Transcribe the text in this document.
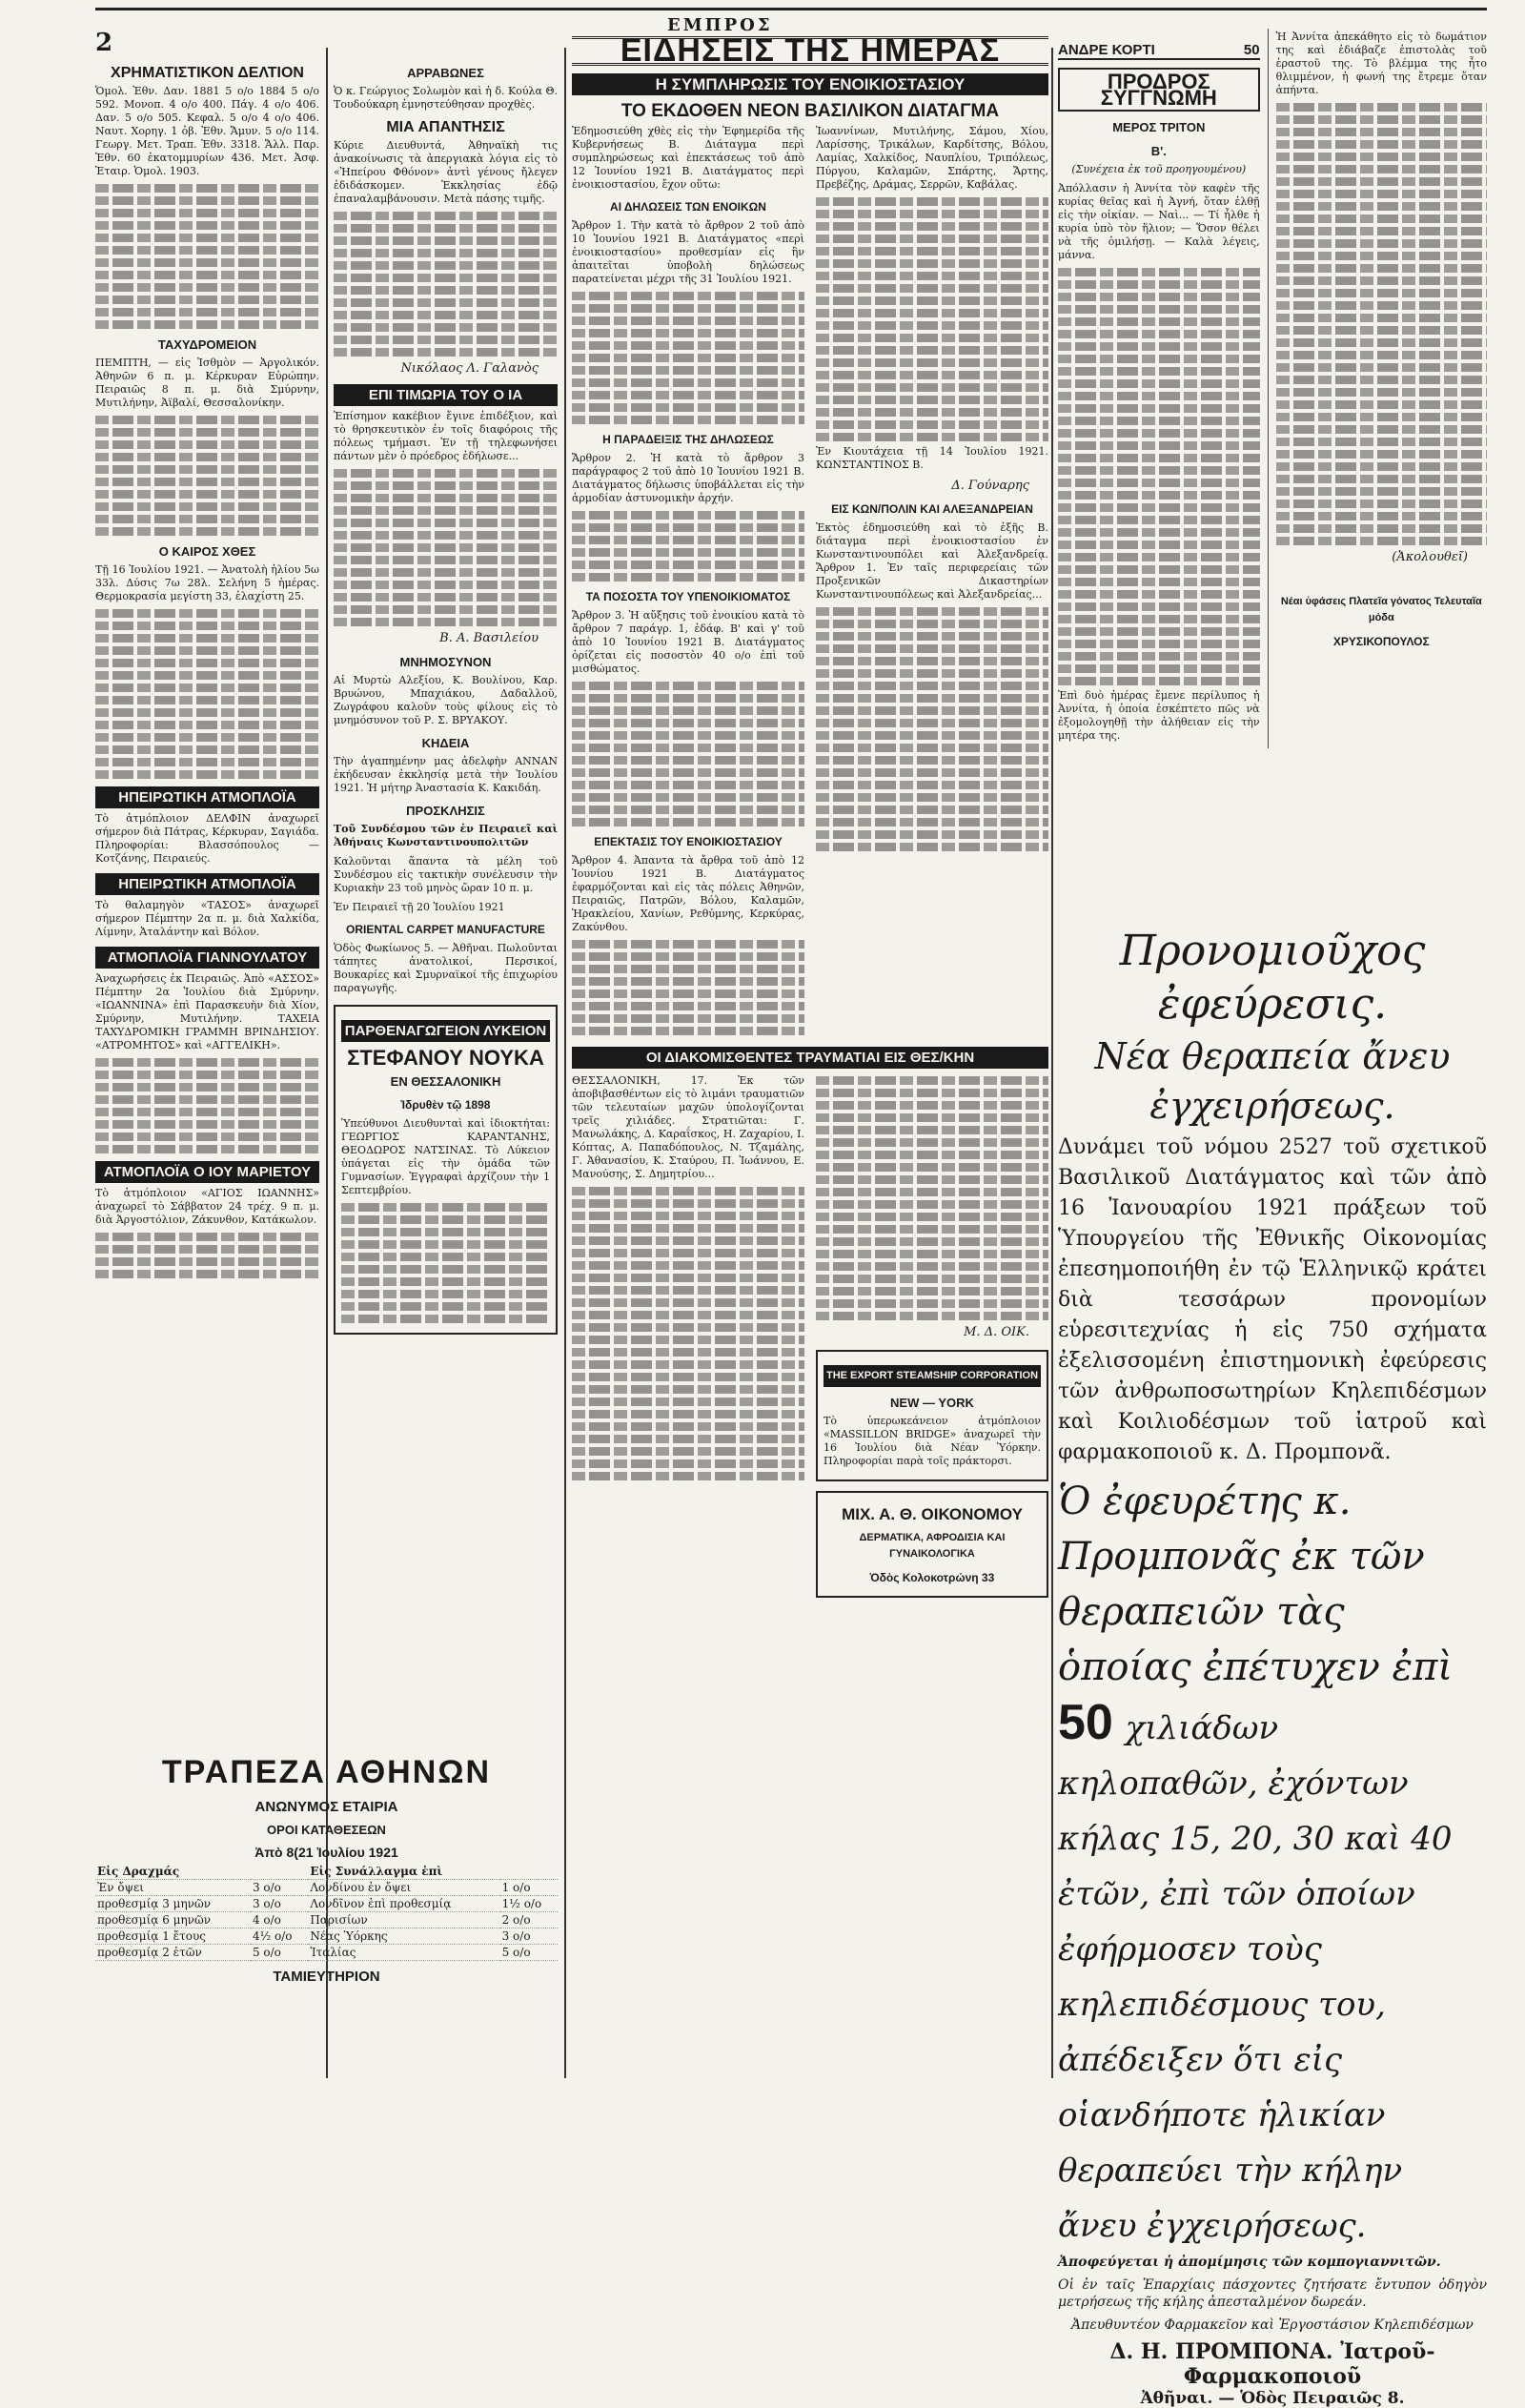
2
ΕΜΠΡΟΣ
ΧΡΗΜΑΤΙΣΤΙΚΟΝ ΔΕΛΤΙΟΝ

Ὁμολ. Ἐθν. Δαν. 1881 5 ο/ο 1884 5 ο/ο 592. Μονοπ. 4 ο/ο 400. Πάγ. 4 ο/ο 406. Δαν. 5 ο/ο 505. Κεφαλ. 5 ο/ο 4 ο/ο 406. Ναυτ. Χορηγ. 1 ὀβ. Ἐθν. Ἄμυν. 5 ο/ο 114. Γεωργ. Μετ. Τραπ. Ἐθν. 3318. Ἄλλ. Παρ. Ἐθν. 60 ἐκατομμυρίων 436. Μετ. Ἀσφ. Ἐταιρ. Ὁμολ. 1903.

ΤΑΧΥΔΡΟΜΕΙΟΝ

ΠΕΜΠΤΗ, — εἰς Ἰσθμὸν — Ἀργολικόν. Ἀθηνῶν 6 π. μ. Κέρκυραν Εὐρώπην. Πειραιῶς 8 π. μ. διὰ Σμύρνην, Μυτιλήνην, Ἀϊβαλί, Θεσσαλονίκην.

Ο ΚΑΙΡΟΣ ΧΘΕΣ

Τῇ 16 Ἰουλίου 1921. — Ἀνατολὴ ἡλίου 5ω 33λ. Δύσις 7ω 28λ. Σελήνη 5 ἡμέρας. Θερμοκρασία μεγίστη 33, ἐλαχίστη 25.

ΗΠΕΙΡΩΤΙΚΗ ΑΤΜΟΠΛΟΪΑ

Τὸ ἀτμόπλοιον ΔΕΛΦΙΝ ἀναχωρεῖ σήμερον διὰ Πάτρας, Κέρκυραν, Σαγιάδα. Πληροφορίαι: Βλασσόπουλος — Κοτζάνης, Πειραιεύς.

ΗΠΕΙΡΩΤΙΚΗ ΑΤΜΟΠΛΟΪΑ

Τὸ θαλαμηγὸν «ΤΑΣΟΣ» ἀναχωρεῖ σήμερον Πέμπτην 2α π. μ. διὰ Χαλκίδα, Λίμνην, Ἀταλάντην καὶ Βόλον.

ΑΤΜΟΠΛΟΪΑ ΓΙΑΝΝΟΥΛΑΤΟΥ

Ἀναχωρήσεις ἐκ Πειραιῶς. Ἀπὸ «ΑΣΣΟΣ» Πέμπτην 2α Ἰουλίου διὰ Σμύρνην. «ΙΩΑΝΝΙΝΑ» ἐπὶ Παρασκευὴν διὰ Χίον, Σμύρνην, Μυτιλήνην. ΤΑΧΕΙΑ ΤΑΧΥΔΡΟΜΙΚΗ ΓΡΑΜΜΗ ΒΡΙΝΔΗΣΙΟΥ. «ΑΤΡΟΜΗΤΟΣ» καὶ «ΑΓΓΕΛΙΚΗ».

ΑΤΜΟΠΛΟΪΑ Ο ΙΟΥ ΜΑΡΙΕΤΟΥ

Τὸ ἀτμόπλοιον «ΑΓΙΟΣ ΙΩΑΝΝΗΣ» ἀναχωρεῖ τὸ Σάββατον 24 τρέχ. 9 π. μ. διὰ Ἀργοστόλιον, Ζάκυνθον, Κατάκωλον.

ΤΡΑΠΕΖΑ ΑΘΗΝΩΝ
ΑΝΩΝΥΜΟΣ ΕΤΑΙΡΙΑ
ΟΡΟΙ ΚΑΤΑΘΕΣΕΩΝ
Ἀπὸ 8(21 Ἰουλίου 1921
Εἰς Δραχμάς		Εἰς Συνάλλαγμα ἐπὶ	
Ἐν ὄψει	3 ο/ο	Λονδίνου ἐν ὄψει	1 ο/ο
προθεσμίᾳ 3 μηνῶν	3 ο/ο	Λονδῖνον ἐπὶ προθεσμίᾳ	1½ ο/ο
προθεσμίᾳ 6 μηνῶν	4 ο/ο	Παρισίων	2 ο/ο
προθεσμίᾳ 1 ἔτους	4½ ο/ο	Νέας Ὑόρκης	3 ο/ο
προθεσμίᾳ 2 ἐτῶν	5 ο/ο	Ἰταλίας	5 ο/ο
ΤΑΜΙΕΥΤΗΡΙΟΝ
ΑΡΡΑΒΩΝΕΣ

Ὁ κ. Γεώργιος Σολωμὸν καὶ ἡ δ. Κούλα Θ. Τουδούκαρη ἐμνηστεύθησαν προχθὲς.

ΜΙΑ ΑΠΑΝΤΗΣΙΣ

Κύριε Διευθυντά, Ἀθηναϊκὴ τις ἀνακοίνωσις τὰ ἀπεργιακὰ λόγια εἰς τὸ «Ἠπείρου Φθόνον» ἀντὶ γένους ἤλεγεν ἐδιδάσκομεν. Ἐκκλησίας ἐδῷ ἐπαναλαμβάνουσιν. Μετὰ πάσης τιμῆς.

Νικόλαος Λ. Γαλανὸς
ΕΠΙ ΤΙΜΩΡΙΑ ΤΟΥ Ο ΙΑ

Ἐπίσημον κακέβιον ἔγινε ἐπιδέξιον, καὶ τὸ θρησκευτικὸν ἐν τοῖς διαφόροις τῆς πόλεως τμήμασι. Ἐν τῇ τηλεφωνήσει πάντων μὲν ὁ πρόεδρος ἐδήλωσε...

Β. Α. Βασιλείου
ΜΝΗΜΟΣΥΝΟΝ

Αἱ Μυρτὼ Αλεξίου, Κ. Βουλίνου, Καρ. Βρυώνου, Μπαχιάκου, Δαδαλλοῦ, Ζωγράφου καλοῦν τοὺς φίλους εἰς τὸ μνημόσυνον τοῦ Ρ. Σ. ΒΡΥΑΚΟΥ.

ΚΗΔΕΙΑ

Τὴν ἀγαπημένην μας ἀδελφὴν ΑΝΝΑΝ ἐκήδευσαν ἐκκλησίᾳ μετὰ τὴν Ἰουλίου 1921. Ἡ μήτηρ Ἀναστασία Κ. Κακιδάη.

ΠΡΟΣΚΛΗΣΙΣ

Τοῦ Συνδέσμου τῶν ἐν Πειραιεῖ καὶ Ἀθήναις Κωνσταντινουπολιτῶν

Καλοῦνται ἅπαντα τὰ μέλη τοῦ Συνδέσμου εἰς τακτικὴν συνέλευσιν τὴν Κυριακὴν 23 τοῦ μηνὸς ὥραν 10 π. μ.

Ἐν Πειραιεῖ τῇ 20 Ἰουλίου 1921

ORIENTAL CARPET MANUFACTURE

Ὁδὸς Φωκίωνος 5. — Ἀθῆναι. Πωλοῦνται τάπητες ἀνατολικοί, Περσικοί, Βουκαρίες καὶ Σμυρναϊκοί τῆς ἐπιχωρίου παραγωγῆς.

ΠΑΡΘΕΝΑΓΩΓΕΙΟΝ ΛΥΚΕΙΟΝ
ΣΤΕΦΑΝΟΥ ΝΟΥΚΑ
ΕΝ ΘΕΣΣΑΛΟΝΙΚΗ
Ἱδρυθὲν τῷ 1898

Ὑπεύθυνοι Διευθυνταὶ καὶ ἰδιοκτήται: ΓΕΩΡΓΙΟΣ ΚΑΡΑΝΤΑΝΗΣ, ΘΕΟΔΩΡΟΣ ΝΑΤΣΙΝΑΣ. Τὸ Λύκειον ὑπάγεται εἰς τὴν ὁμάδα τῶν Γυμνασίων. Ἐγγραφαὶ ἀρχίζουν τὴν 1 Σεπτεμβρίου.

ΕΙΔΗΣΕΙΣ ΤΗΣ ΗΜΕΡΑΣ
Η ΣΥΜΠΛΗΡΩΣΙΣ ΤΟΥ ΕΝΟΙΚΙΟΣΤΑΣΙΟΥ
ΤΟ ΕΚΔΟΘΕΝ ΝΕΟΝ ΒΑΣΙΛΙΚΟΝ ΔΙΑΤΑΓΜΑ

Ἐδημοσιεύθη χθὲς εἰς τὴν Ἐφημερίδα τῆς Κυβερνήσεως Β. Διάταγμα περὶ συμπληρώσεως καὶ ἐπεκτάσεως τοῦ ἀπὸ 12 Ἰουνίου 1921 Β. Διατάγματος περὶ ἐνοικιοστασίου, ἔχον οὕτω:

ΑΙ ΔΗΛΩΣΕΙΣ ΤΩΝ ΕΝΟΙΚΩΝ

Ἄρθρον 1. Τὴν κατὰ τὸ ἄρθρον 2 τοῦ ἀπὸ 10 Ἰουνίου 1921 Β. Διατάγματος «περὶ ἐνοικιοστασίου» προθεσμίαν εἰς ἣν ἀπαιτεῖται ὑποβολὴ δηλώσεως παρατείνεται μέχρι τῆς 31 Ἰουλίου 1921.

Η ΠΑΡΑΔΕΙΞΙΣ ΤΗΣ ΔΗΛΩΣΕΩΣ

Ἄρθρον 2. Ἡ κατὰ τὸ ἄρθρον 3 παράγραφος 2 τοῦ ἀπὸ 10 Ἰουνίου 1921 Β. Διατάγματος δήλωσις ὑποβάλλεται εἰς τὴν ἁρμοδίαν ἀστυνομικὴν ἀρχήν.

ΤΑ ΠΟΣΟΣΤΑ ΤΟΥ ΥΠΕΝΟΙΚΙΟΜΑΤΟΣ

Ἄρθρον 3. Ἡ αὔξησις τοῦ ἐνοικίου κατὰ τὸ ἄρθρον 7 παράγρ. 1, ἐδάφ. Β' καὶ γ' τοῦ ἀπὸ 10 Ἰουνίου 1921 Β. Διατάγματος ὁρίζεται εἰς ποσοστὸν 40 ο/ο ἐπὶ τοῦ μισθώματος.

ΕΠΕΚΤΑΣΙΣ ΤΟΥ ΕΝΟΙΚΙΟΣΤΑΣΙΟΥ

Ἄρθρον 4. Ἀπαντα τὰ ἄρθρα τοῦ ἀπὸ 12 Ἰουνίου 1921 Β. Διατάγματος ἐφαρμόζονται καὶ εἰς τὰς πόλεις Ἀθηνῶν, Πειραιῶς, Πατρῶν, Βόλου, Καλαμῶν, Ἡρακλείου, Χανίων, Ρεθύμνης, Κερκύρας, Ζακύνθου.

Ἰωαννίνων, Μυτιλήνης, Σάμου, Χίου, Λαρίσσης, Τρικάλων, Καρδίτσης, Βόλου, Λαμίας, Χαλκίδος, Ναυπλίου, Τριπόλεως, Πύργου, Καλαμῶν, Σπάρτης, Ἄρτης, Πρεβέζης, Δράμας, Σερρῶν, Καβάλας.

Ἐν Κιουτάχεια τῇ 14 Ἰουλίου 1921. ΚΩΝΣΤΑΝΤΙΝΟΣ Β.

Δ. Γούναρης
ΕΙΣ ΚΩΝ/ΠΟΛΙΝ ΚΑΙ ΑΛΕΞΑΝΔΡΕΙΑΝ

Ἐκτὸς ἐδημοσιεύθη καὶ τὸ ἑξῆς Β. διάταγμα περὶ ἐνοικιοστασίου ἐν Κωνσταντινουπόλει καὶ Ἀλεξανδρείᾳ. Ἄρθρον 1. Ἐν ταῖς περιφερείαις τῶν Προξενικῶν Δικαστηρίων Κωνσταντινουπόλεως καὶ Ἀλεξανδρείας...

ΟΙ ΔΙΑΚΟΜΙΣΘΕΝΤΕΣ ΤΡΑΥΜΑΤΙΑΙ ΕΙΣ ΘΕΣ/ΚΗΝ

ΘΕΣΣΑΛΟΝΙΚΗ, 17. Ἐκ τῶν ἀποβιβασθέντων εἰς τὸ λιμάνι τραυματιῶν τῶν τελευταίων μαχῶν ὑπολογίζονται τρεῖς χιλιάδες. Στρατιῶται: Γ. Μανωλάκης, Δ. Καραΐσκος, Η. Ζαχαρίου, Ι. Κόπτας, Α. Παπαδόπουλος, Ν. Τζαμάλης, Γ. Ἀθανασίου, Κ. Σταύρου, Π. Ἰωάννου, Ε. Μανούσης, Σ. Δημητρίου...

Μ. Δ. ΟΙΚ.
THE EXPORT STEAMSHIP CORPORATION
NEW — YORK

Τὸ ὑπερωκεάνειον ἀτμόπλοιον «MASSILLON BRIDGE» ἀναχωρεῖ τὴν 16 Ἰουλίου διὰ Νέαν Ὑόρκην. Πληροφορίαι παρὰ τοῖς πράκτορσι.

ΜΙΧ. Α. Θ. ΟΙΚΟΝΟΜΟΥ
ΔΕΡΜΑΤΙΚΑ, ΑΦΡΟΔΙΣΙΑ ΚΑΙ ΓΥΝΑΙΚΟΛΟΓΙΚΑ
Ὁδὸς Κολοκοτρώνη 33
ΑΝΔΡΕ ΚΟΡΤΙ	50
ΠΡΟΔΡΟΣ ΣΥΓΓΝΩΜΗ
ΜΕΡΟΣ ΤΡΙΤΟΝ
Β'.

(Συνέχεια ἐκ τοῦ προηγουμένου)

Ἀπόλλασιν ἡ Ἀννίτα τὸν καφὲν τῆς κυρίας θεῖας καὶ ἡ Ἀγνή, ὅταν ἐλθῇ εἰς τὴν οἰκίαν. — Ναὶ... — Τί ἦλθε ἡ κυρία ὑπὸ τὸν ἥλιον; — Ὅσον θέλει νὰ τῆς ὁμιλήσῃ. — Καλὰ λέγεις, μάννα.

Ἐπὶ δυὸ ἡμέρας ἔμενε περίλυπος ἡ Ἀννίτα, ἡ ὁποία ἐσκέπτετο πῶς νὰ ἐξομολογηθῇ τὴν ἀλήθειαν εἰς τὴν μητέρα της.

Ἡ Ἀννίτα ἀπεκάθητο εἰς τὸ δωμάτιον της καὶ ἐδιάβαζε ἐπιστολὰς τοῦ ἐραστοῦ της. Τὸ βλέμμα της ἦτο θλιμμένον, ἡ φωνή της ἔτρεμε ὅταν ἀπήντα.

(Ἀκολουθεῖ)
Νέαι ὑφάσεις Πλατεῖα γόνατος Τελευταῖα μόδα
ΧΡΥΣΙΚΟΠΟΥΛΟΣ
Προνομιοῦχος ἐφεύρεσις.
Νέα θεραπεία ἄνευ ἐγχειρήσεως.

Δυνάμει τοῦ νόμου 2527 τοῦ σχετικοῦ Βασιλικοῦ Διατάγματος καὶ τῶν ἀπὸ 16 Ἰανουαρίου 1921 πράξεων τοῦ Ὑπουργείου τῆς Ἐθνικῆς Οἰκονομίας ἐπεσημοποιήθη ἐν τῷ Ἑλληνικῷ κράτει διὰ τεσσάρων προνομίων εὑρεσιτεχνίας ἡ εἰς 750 σχήματα ἐξελισσομένη ἐπιστημονικὴ ἐφεύρεσις τῶν ἀνθρωποσωτηρίων Κηλεπιδέσμων καὶ Κοιλιοδέσμων τοῦ ἰατροῦ καὶ φαρμακοποιοῦ κ. Δ. Προμπονᾶ.

Ὁ ἐφευρέτης κ. Προμπονᾶς ἐκ τῶν θεραπειῶν τὰς ὁποίας ἐπέτυχεν ἐπὶ 50 χιλιάδων κηλοπαθῶν, ἐχόντων κήλας 15, 20, 30 καὶ 40 ἐτῶν, ἐπὶ τῶν ὁποίων ἐφήρμοσεν τοὺς κηλεπιδέσμους του, ἀπέδειξεν ὅτι εἰς οἱανδήποτε ἡλικίαν θεραπεύει τὴν κήλην ἄνευ ἐγχειρήσεως.

Ἀποφεύγεται ἡ ἀπομίμησις τῶν κομπογιαννιτῶν.

Οἱ ἐν ταῖς Ἐπαρχίαις πάσχοντες ζητήσατε ἔντυπον ὁδηγὸν μετρήσεως τῆς κήλης ἀπεσταλμένον δωρεάν.

Ἀπευθυντέον Φαρμακεῖον καὶ Ἐργοστάσιον Κηλεπιδέσμων

Δ. Η. ΠΡΟΜΠΟΝΑ. Ἰατροῦ-Φαρμακοποιοῦ
Ἀθῆναι. — Ὁδὸς Πειραιῶς 8.
